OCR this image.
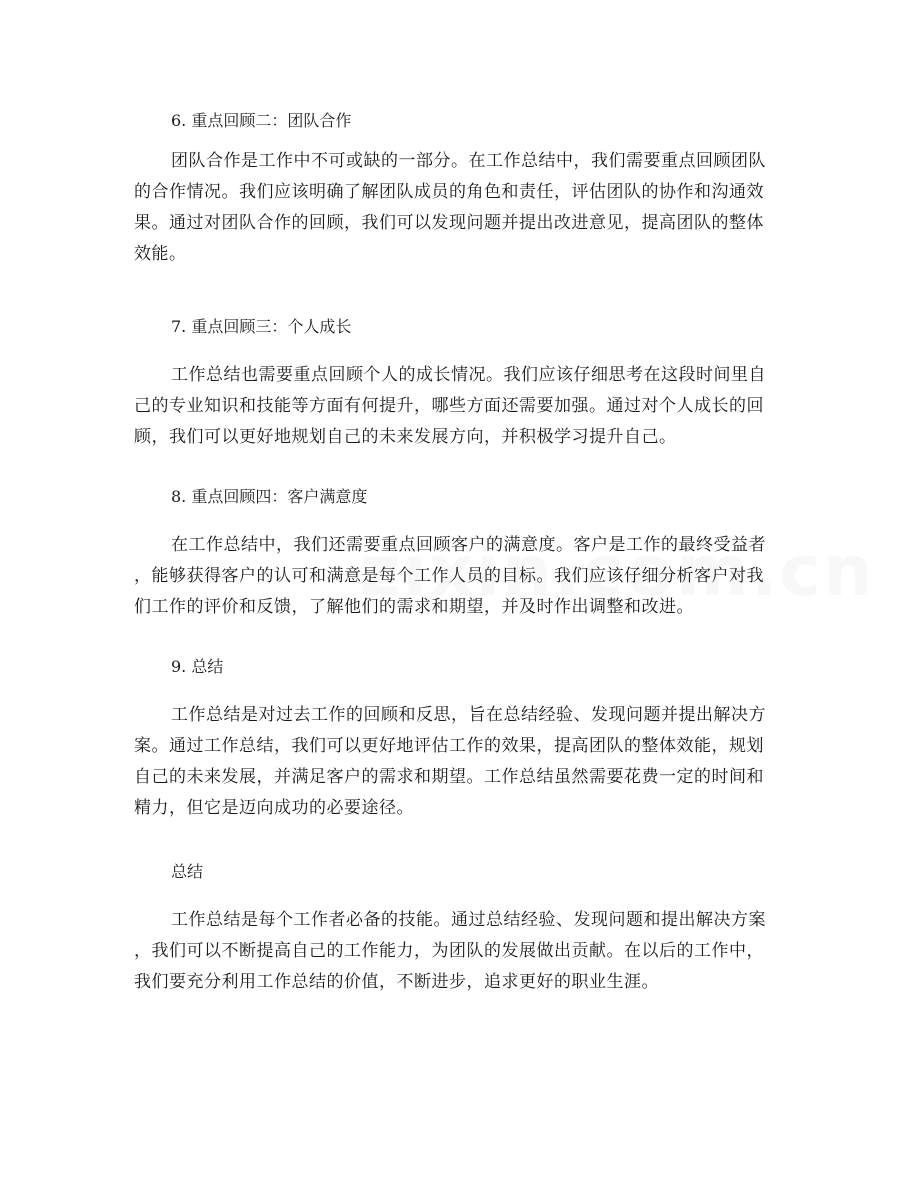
6. 重点回顾二：团队合作
团队合作是工作中不可或缺的一部分。在工作总结中，我们需要重点回顾团队
的合作情况。我们应该明确了解团队成员的角色和责任，评估团队的协作和沟通效
果。通过对团队合作的回顾，我们可以发现问题并提出改进意见，提高团队的整体
效能。
7. 重点回顾三：个人成长
工作总结也需要重点回顾个人的成长情况。我们应该仔细思考在这段时间里自
己的专业知识和技能等方面有何提升，哪些方面还需要加强。通过对个人成长的回
顾，我们可以更好地规划自己的未来发展方向，并积极学习提升自己。
8. 重点回顾四：客户满意度
在工作总结中，我们还需要重点回顾客户的满意度。客户是工作的最终受益者
，能够获得客户的认可和满意是每个工作人员的目标。我们应该仔细分析客户对我
们工作的评价和反馈，了解他们的需求和期望，并及时作出调整和改进。
9. 总结
工作总结是对过去工作的回顾和反思，旨在总结经验、发现问题并提出解决方
案。通过工作总结，我们可以更好地评估工作的效果，提高团队的整体效能，规划
自己的未来发展，并满足客户的需求和期望。工作总结虽然需要花费一定的时间和
精力，但它是迈向成功的必要途径。
总结
工作总结是每个工作者必备的技能。通过总结经验、发现问题和提出解决方案
，我们可以不断提高自己的工作能力，为团队的发展做出贡献。在以后的工作中，
我们要充分利用工作总结的价值，不断进步，追求更好的职业生涯。
